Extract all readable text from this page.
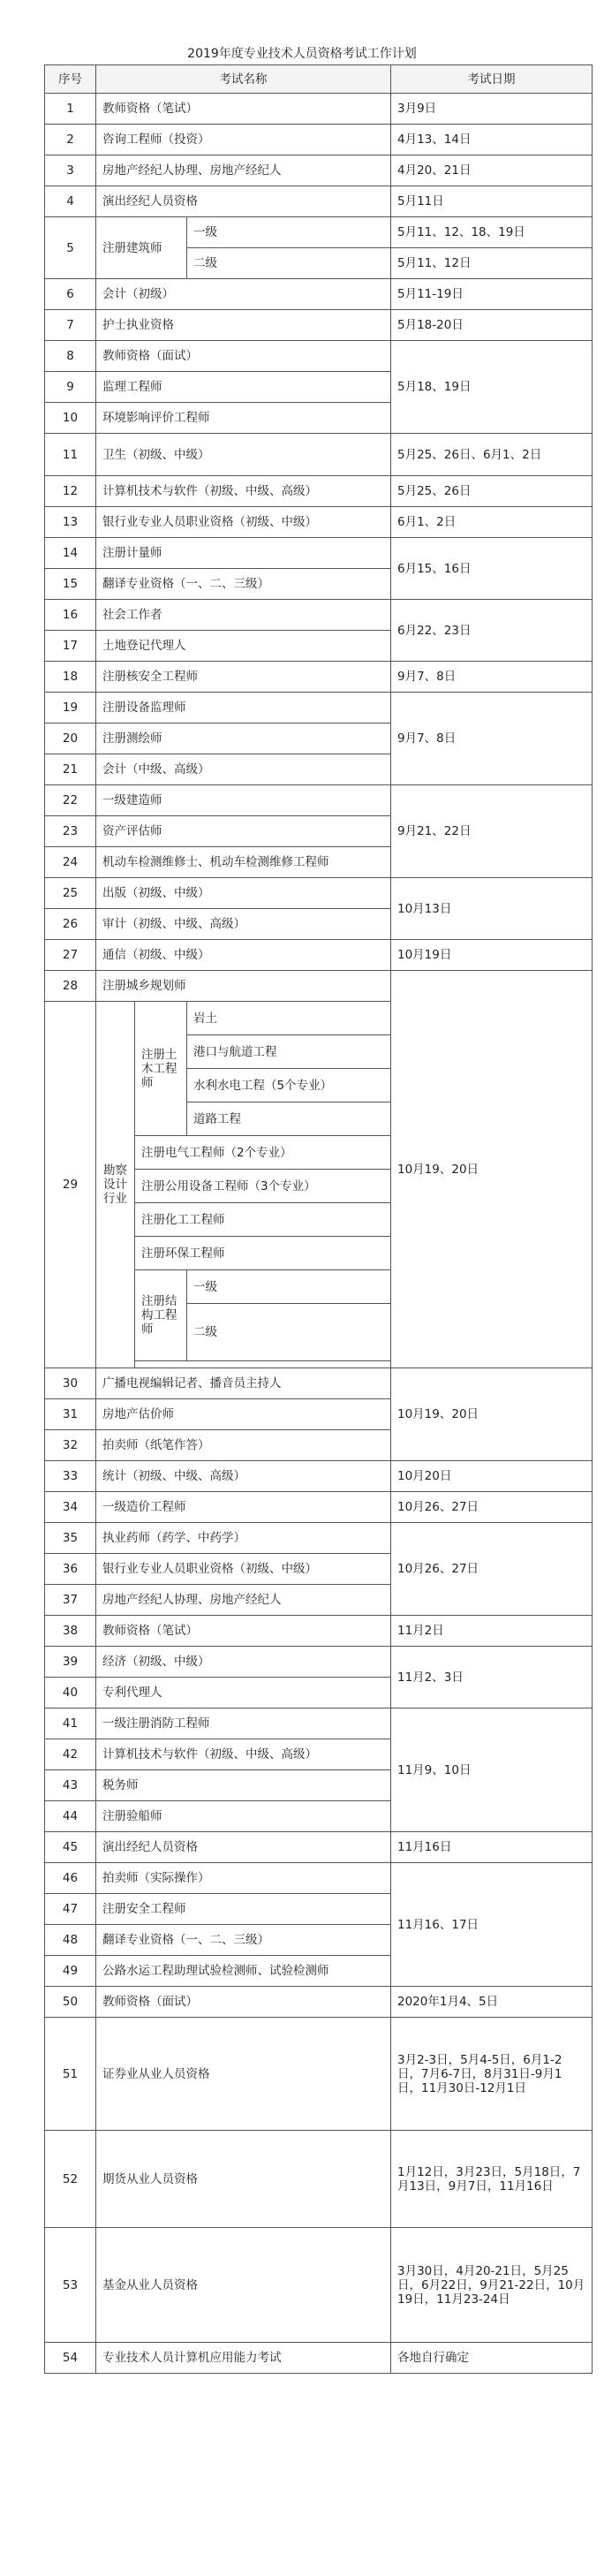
2019年度专业技术人员资格考试工作计划
序号	考试名称			考试日期	
1	教师资格（笔试）			3月9日	
2	咨询工程师（投资）			4月13、14日	
3	房地产经纪人协理、房地产经纪人			4月20、21日	
4	演出经纪人员资格			5月11日	
5	注册建筑师		一级	5月11、12、18、19日	
			二级	5月11、12日	
6	会计（初级）			5月11-19日	
7	护士执业资格			5月18-20日	
8	教师资格（面试）			5月18、19日	
9	监理工程师				
10	环境影响评价工程师				
11	卫生（初级、中级）			5月25、26日、6月1、2日	
12	计算机技术与软件（初级、中级、高级）			5月25、26日	
13	银行业专业人员职业资格（初级、中级）			6月1、2日	
14	注册计量师			6月15、16日	
15	翻译专业资格（一、二、三级）				
16	社会工作者			6月22、23日	
17	土地登记代理人				
18	注册核安全工程师			9月7、8日	
19	注册设备监理师			9月7、8日	
20	注册测绘师				
21	会计（中级、高级）				
22	一级建造师			9月21、22日	
23	资产评估师				
24	机动车检测维修士、机动车检测维修工程师				
25	出版（初级、中级）			10月13日	
26	审计（初级、中级、高级）				
27	通信（初级、中级）			10月19日	
28	注册城乡规划师			10月19、20日	
29	勘察设计行业	注册土木工程师	岩土		
			港口与航道工程		
			水利水电工程（5个专业）		
			道路工程		
		注册电气工程师（2个专业）			
		注册公用设备工程师（3个专业）			
		注册化工工程师			
		注册环保工程师			
		注册结构工程师	一级		
			二级	

30	广播电视编辑记者、播音员主持人			10月19、20日	
31	房地产估价师				
32	拍卖师（纸笔作答）				
33	统计（初级、中级、高级）			10月20日	
34	一级造价工程师			10月26、27日	
35	执业药师（药学、中药学）			10月26、27日	
36	银行业专业人员职业资格（初级、中级）				
37	房地产经纪人协理、房地产经纪人				
38	教师资格（笔试）			11月2日	
39	经济（初级、中级）			11月2、3日	
40	专利代理人				
41	一级注册消防工程师			11月9、10日	
42	计算机技术与软件（初级、中级、高级）				
43	税务师				
44	注册验船师				
45	演出经纪人员资格			11月16日	
46	拍卖师（实际操作）			11月16、17日	
47	注册安全工程师				
48	翻译专业资格（一、二、三级）				
49	公路水运工程助理试验检测师、试验检测师				
50	教师资格（面试）			2020年1月4、5日	
51	证券业从业人员资格			3月2-3日，5月4-5日，6月1-2日，7月6-7日，8月31日-9月1日，11月30日-12月1日	
52	期货从业人员资格			1月12日，3月23日，5月18日，7月13日，9月7日，11月16日	
53	基金从业人员资格			3月30日，4月20-21日，5月25日，6月22日，9月21-22日，10月19日，11月23-24日	
54	专业技术人员计算机应用能力考试			各地自行确定	
